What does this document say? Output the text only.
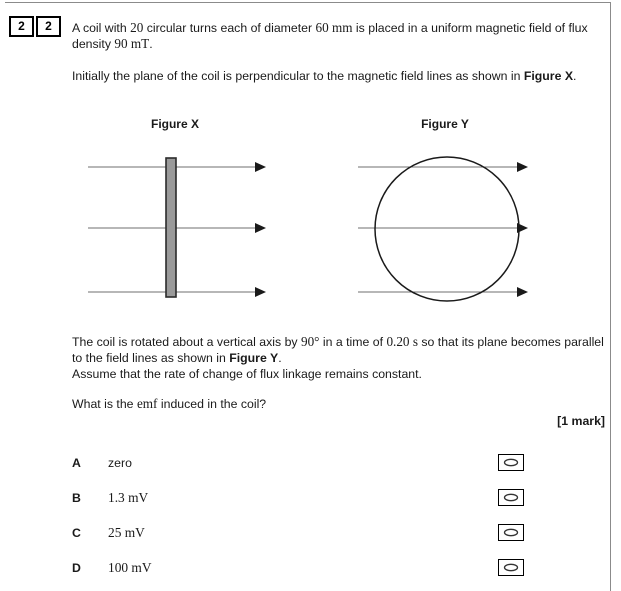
2	2	A coil with 20 circular turns each of diameter 60 mm is placed in a uniform magnetic field of flux density 90 mT.
Initially the plane of the coil is perpendicular to the magnetic field lines as shown in Figure X.
Figure X	Figure Y
The coil is rotated about a vertical axis by 90° in a time of 0.20 s so that its plane becomes parallel to the field lines as shown in Figure Y.
Assume that the rate of change of flux linkage remains constant.
What is the emf induced in the coil?
[1 mark]
A zero
B 1.3 mV
C 25 mV
D 100 mV
